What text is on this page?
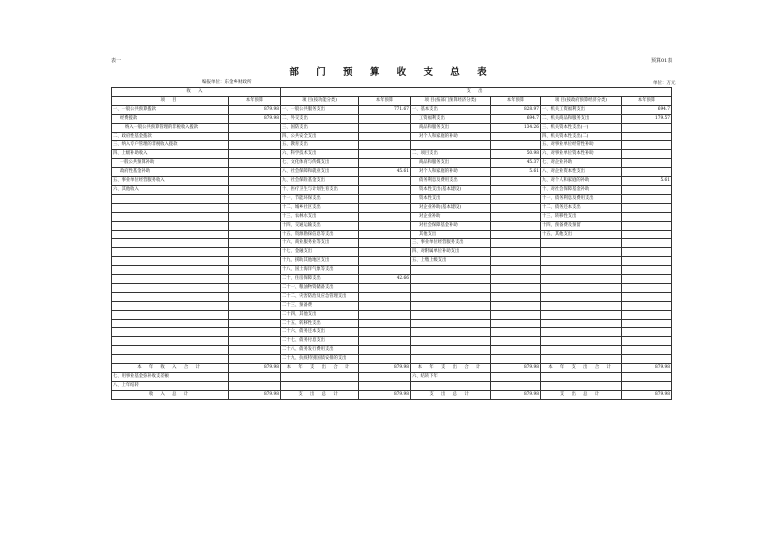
表一	预算01表
部 门 预 算 收 支 总 表
编报单位：东金乡财政所	单位：万元
收 入		支 出					
项 目	本年预算	项 目(按功能分类)	本年预算	项 目(按部门预算经济分类)	本年预算	项 目(按政府预算经济分类)	本年预算
一、一般公共预算拨款	879.98	一、一般公共服务支出	771.67	一、基本支出	828.97	一、机关工资福利支出	694.7
经费拨款	879.98	二、外交支出		工资福利支出	694.7	二、机关商品和服务支出	179.57
纳入一般公共预算管理的非税收入拨款		三、国防支出		商品和服务支出	134.26	三、机关资本性支出(一)	
二、政府性基金拨款		四、公共安全支出		对个人和家庭的补助		四、机关资本性支出(二)	
三、纳入专户管理的非税收入拨款		五、教育支出				五、对事业单位经常性补助	
四、上级补助收入		六、科学技术支出		二、项目支出	50.98	六、对事业单位资本性补助	
一般公共预算补助		七、文化体育与传媒支出		商品和服务支出	45.37	七、对企业补助	
政府性基金补助		八、社会保障和就业支出	45.61	对个人和家庭的补助	5.61	八、对企业资本性支出	
五、事业单位经营服务收入		九、社会保险基金支出		债务利息及费用支出		九、对个人和家庭的补助	5.61
六、其他收入		十、医疗卫生与计划生育支出		资本性支出(基本建设)		十、对社会保障基金补助	
		十一、节能环保支出		资本性支出		十一、债务利息及费用支出	
		十二、城乡社区支出		对企业补助(基本建设)		十二、债务还本支出	
		十三、农林水支出		对企业补助		十三、转移性支出	
		十四、交通运输支出		对社会保障基金补助		十四、预备费及预留	
		十五、资源勘探信息等支出		其他支出		十五、其他支出	
		十六、商业服务业等支出		三、事业单位经营服务支出			
		十七、金融支出		四、对附属单位补助支出			
		十九、援助其他地区支出		五、上缴上级支出			
		十八、国土海洋气象等支出					
		二十、住房保障支出	42.66				
		二十一、粮油物资储备支出					
		二十二、灾害防治及应急管理支出					
		二十三、预备费					
		二十四、其他支出					
		二十五、转移性支出					
		二十六、债务还本支出					
		二十七、债务付息支出					
		二十八、债务发行费用支出					
		二十九、抗疫特别国债安排的支出					
本 年 收 入 合 计	879.98	本 年 支 出 合 计	879.98	本 年 支 出 合 计	879.98	本 年 支 出 合 计	879.98
七、用事业基金弥补收支差额				六、结转下年			
八、上年结转							
收 入 总 计	879.98	支 出 总 计	879.98	支 出 总 计	879.98	支 出 总 计	879.98
